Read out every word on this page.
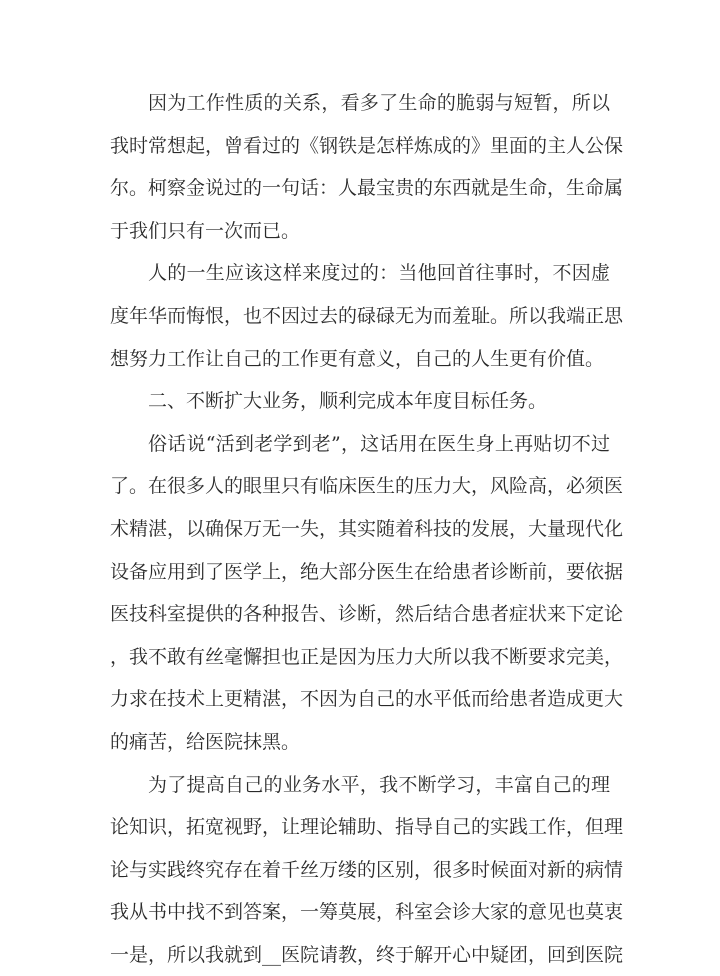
因为工作性质的关系，看多了生命的脆弱与短暂，所以
我时常想起，曾看过的《钢铁是怎样炼成的》里面的主人公保
尔。柯察金说过的一句话：人最宝贵的东西就是生命，生命属
于我们只有一次而已。
人的一生应该这样来度过的：当他回首往事时，不因虚
度年华而悔恨，也不因过去的碌碌无为而羞耻。所以我端正思
想努力工作让自己的工作更有意义，自己的人生更有价值。
二、不断扩大业务，顺利完成本年度目标任务。
俗话说“活到老学到老”，这话用在医生身上再贴切不过
了。在很多人的眼里只有临床医生的压力大，风险高，必须医
术精湛，以确保万无一失，其实随着科技的发展，大量现代化
设备应用到了医学上，绝大部分医生在给患者诊断前，要依据
医技科室提供的各种报告、诊断，然后结合患者症状来下定论
，我不敢有丝毫懈担也正是因为压力大所以我不断要求完美，
力求在技术上更精湛，不因为自己的水平低而给患者造成更大
的痛苦，给医院抹黑。
为了提高自己的业务水平，我不断学习，丰富自己的理
论知识，拓宽视野，让理论辅助、指导自己的实践工作，但理
论与实践终究存在着千丝万缕的区别，很多时候面对新的病情
我从书中找不到答案，一筹莫展，科室会诊大家的意见也莫衷
一是，所以我就到__医院请教，终于解开心中疑团，回到医院
